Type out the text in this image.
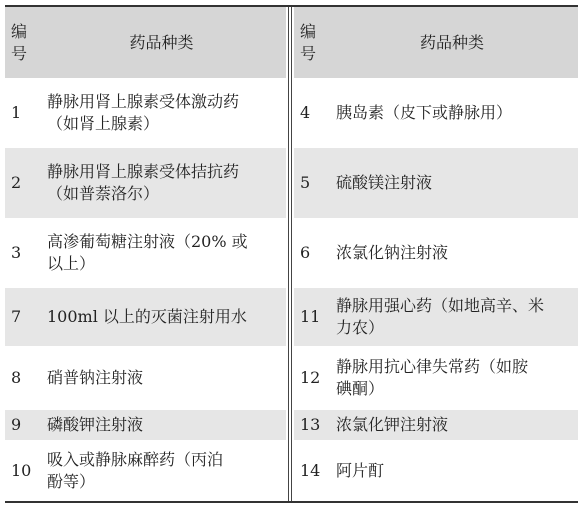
编
号	药品种类
1	静脉用肾上腺素受体激动药
（如肾上腺素）
2	静脉用肾上腺素受体拮抗药
（如普萘洛尔）
3	高渗葡萄糖注射液（20% 或
以上）
7	100ml 以上的灭菌注射用水
8	硝普钠注射液
9	磷酸钾注射液
10	吸入或静脉麻醉药（丙泊
酚等）
编
号	药品种类
4	胰岛素（皮下或静脉用）
5	硫酸镁注射液
6	浓氯化钠注射液
11	静脉用强心药（如地高辛、米
力农）
12	静脉用抗心律失常药（如胺
碘酮）
13	浓氯化钾注射液
14	阿片酊
